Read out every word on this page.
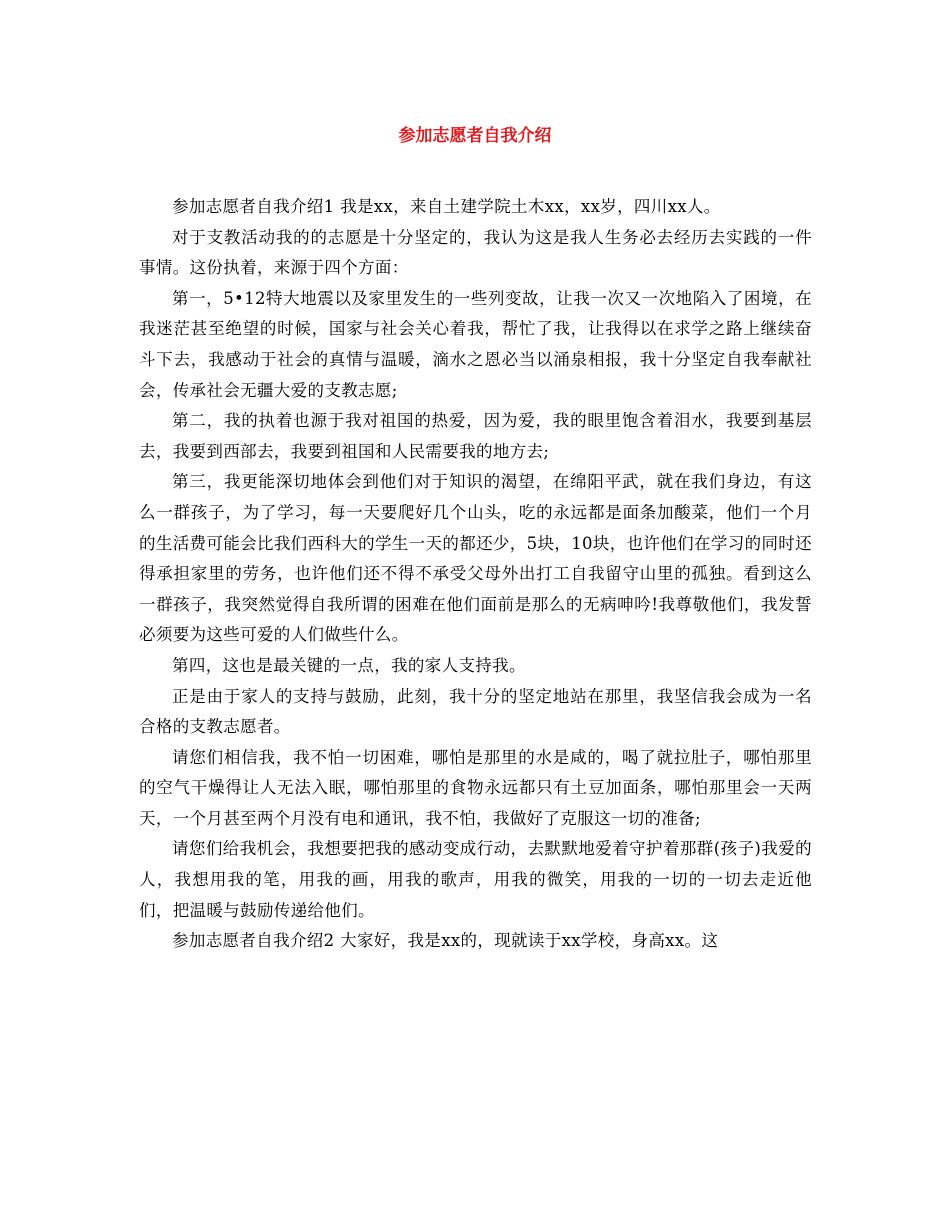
参加志愿者自我介绍

参加志愿者自我介绍1 我是xx，来自土建学院土木xx，xx岁，四川xx人。

对于支教活动我的的志愿是十分坚定的，我认为这是我人生务必去经历去实践的一件事情。这份执着，来源于四个方面：

第一，5•12特大地震以及家里发生的一些列变故，让我一次又一次地陷入了困境，在我迷茫甚至绝望的时候，国家与社会关心着我，帮忙了我，让我得以在求学之路上继续奋斗下去，我感动于社会的真情与温暖，滴水之恩必当以涌泉相报，我十分坚定自我奉献社会，传承社会无疆大爱的支教志愿;

第二，我的执着也源于我对祖国的热爱，因为爱，我的眼里饱含着泪水，我要到基层去，我要到西部去，我要到祖国和人民需要我的地方去;

第三，我更能深切地体会到他们对于知识的渴望，在绵阳平武，就在我们身边，有这么一群孩子，为了学习，每一天要爬好几个山头，吃的永远都是面条加酸菜，他们一个月的生活费可能会比我们西科大的学生一天的都还少，5块，10块，也许他们在学习的同时还得承担家里的劳务，也许他们还不得不承受父母外出打工自我留守山里的孤独。看到这么一群孩子，我突然觉得自我所谓的困难在他们面前是那么的无病呻吟!我尊敬他们，我发誓必须要为这些可爱的人们做些什么。

第四，这也是最关键的一点，我的家人支持我。

正是由于家人的支持与鼓励，此刻，我十分的坚定地站在那里，我坚信我会成为一名合格的支教志愿者。

请您们相信我，我不怕一切困难，哪怕是那里的水是咸的，喝了就拉肚子，哪怕那里的空气干燥得让人无法入眠，哪怕那里的食物永远都只有土豆加面条，哪怕那里会一天两天，一个月甚至两个月没有电和通讯，我不怕，我做好了克服这一切的准备;

请您们给我机会，我想要把我的感动变成行动，去默默地爱着守护着那群(孩子)我爱的人，我想用我的笔，用我的画，用我的歌声，用我的微笑，用我的一切的一切去走近他们，把温暖与鼓励传递给他们。

参加志愿者自我介绍2 大家好，我是xx的，现就读于xx学校，身高xx。这
